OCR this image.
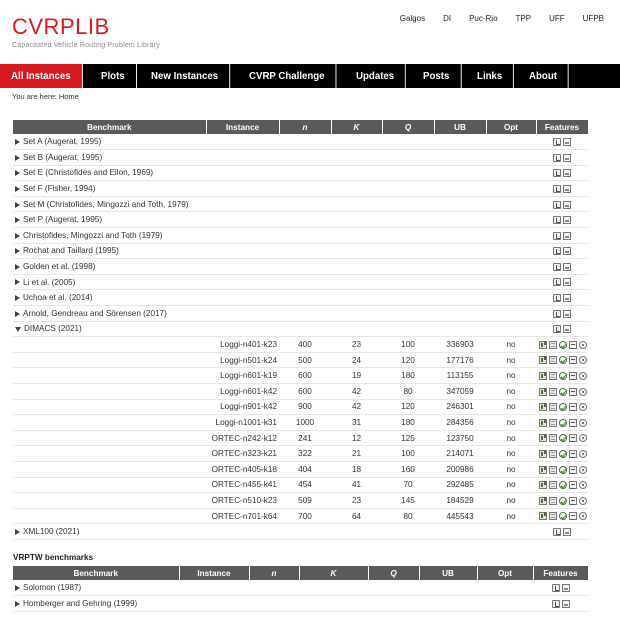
CVRPLIB
Capacitated Vehicle Routing Problem Library
Galgos DI Puc-Rio TPP UFF UFPB
All Instances	Plots	New Instances	CVRP Challenge	Updates	Posts	Links	About
You are here: Home
Benchmark	Instance	n	K	Q	UB	Opt	Features
Set A (Augerat, 1995)							
Set B (Augerat, 1995)							
Set E (Christofides and Eilon, 1969)							
Set F (Fisher, 1994)							
Set M (Christofides, Mingozzi and Toth, 1979)							
Set P (Augerat, 1995)							
Christofides, Mingozzi and Toth (1979)							
Rochat and Taillard (1995)							
Golden et al. (1998)							
Li et al. (2005)							
Uchoa et al. (2014)							
Arnold, Gendreau and Sörensen (2017)							
DIMACS (2021)							
	Loggi-n401-k23	400	23	100	336903	no	
	Loggi-n501-k24	500	24	120	177176	no	
	Loggi-n601-k19	600	19	180	113155	no	
	Loggi-n601-k42	600	42	80	347059	no	
	Loggi-n901-k42	900	42	120	246301	no	
	Loggi-n1001-k31	1000	31	180	284356	no	
	ORTEC-n242-k12	241	12	125	123750	no	
	ORTEC-n323-k21	322	21	100	214071	no	
	ORTEC-n405-k18	404	18	160	200986	no	
	ORTEC-n455-k41	454	41	70	292485	no	
	ORTEC-n510-k23	509	23	145	184529	no	
	ORTEC-n701-k64	700	64	80	445543	no	
XML100 (2021)							
VRPTW benchmarks
Benchmark	Instance	n	K	Q	UB	Opt	Features
Solomon (1987)							
Homberger and Gehring (1999)							
